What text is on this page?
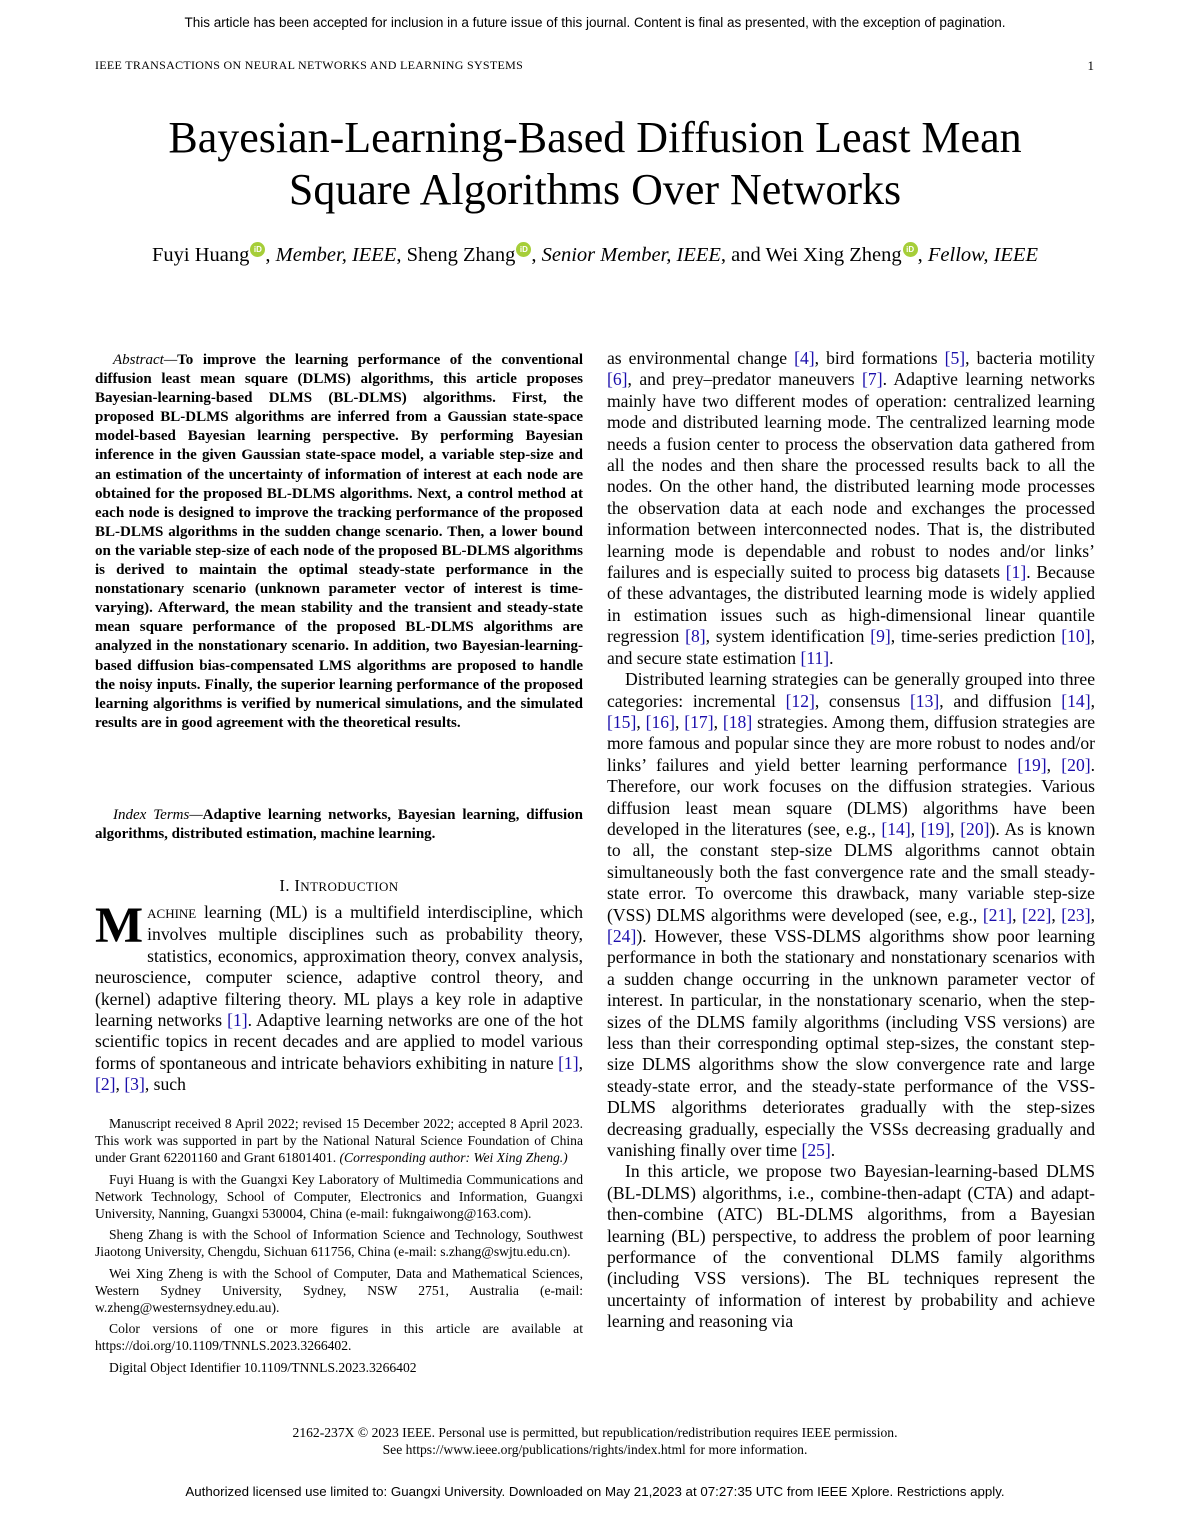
This article has been accepted for inclusion in a future issue of this journal. Content is final as presented, with the exception of pagination.
IEEE TRANSACTIONS ON NEURAL NETWORKS AND LEARNING SYSTEMS	1
Bayesian-Learning-Based Diffusion Least Mean
Square Algorithms Over Networks
Fuyi Huang iD , Member, IEEE, Sheng Zhang iD , Senior Member, IEEE, and Wei Xing Zheng iD , Fellow, IEEE
Abstract—To improve the learning performance of the conventional diffusion least mean square (DLMS) algorithms, this article proposes Bayesian-learning-based DLMS (BL-DLMS) algorithms. First, the proposed BL-DLMS algorithms are inferred from a Gaussian state-space model-based Bayesian learning perspective. By performing Bayesian inference in the given Gaussian state-space model, a variable step-size and an estimation of the uncertainty of information of interest at each node are obtained for the proposed BL-DLMS algorithms. Next, a control method at each node is designed to improve the tracking performance of the proposed BL-DLMS algorithms in the sudden change scenario. Then, a lower bound on the variable step-size of each node of the proposed BL-DLMS algorithms is derived to maintain the optimal steady-state performance in the nonstationary scenario (unknown parameter vector of interest is time-varying). Afterward, the mean stability and the transient and steady-state mean square performance of the proposed BL-DLMS algorithms are analyzed in the nonstationary scenario. In addition, two Bayesian-learning-based diffusion bias-compensated LMS algorithms are proposed to handle the noisy inputs. Finally, the superior learning performance of the proposed learning algorithms is verified by numerical simulations, and the simulated results are in good agreement with the theoretical results.
Index Terms—Adaptive learning networks, Bayesian learning, diffusion algorithms, distributed estimation, machine learning.
I. INTRODUCTION
MACHINE learning (ML) is a multifield interdiscipline, which involves multiple disciplines such as probability theory, statistics, economics, approximation theory, convex analysis, neuroscience, computer science, adaptive control theory, and (kernel) adaptive filtering theory. ML plays a key role in adaptive learning networks [1]. Adaptive learning networks are one of the hot scientific topics in recent decades and are applied to model various forms of spontaneous and intricate behaviors exhibiting in nature [1], [2], [3], such

Manuscript received 8 April 2022; revised 15 December 2022; accepted 8 April 2023. This work was supported in part by the National Natural Science Foundation of China under Grant 62201160 and Grant 61801401. (Corresponding author: Wei Xing Zheng.)

Fuyi Huang is with the Guangxi Key Laboratory of Multimedia Communications and Network Technology, School of Computer, Electronics and Information, Guangxi University, Nanning, Guangxi 530004, China (e-mail: fukngaiwong@163.com).

Sheng Zhang is with the School of Information Science and Technology, Southwest Jiaotong University, Chengdu, Sichuan 611756, China (e-mail: s.zhang@swjtu.edu.cn).

Wei Xing Zheng is with the School of Computer, Data and Mathematical Sciences, Western Sydney University, Sydney, NSW 2751, Australia (e-mail: w.zheng@westernsydney.edu.au).

Color versions of one or more figures in this article are available at https://doi.org/10.1109/TNNLS.2023.3266402.

Digital Object Identifier 10.1109/TNNLS.2023.3266402

as environmental change [4], bird formations [5], bacteria motility [6], and prey–predator maneuvers [7]. Adaptive learning networks mainly have two different modes of operation: centralized learning mode and distributed learning mode. The centralized learning mode needs a fusion center to process the observation data gathered from all the nodes and then share the processed results back to all the nodes. On the other hand, the distributed learning mode processes the observation data at each node and exchanges the processed information between interconnected nodes. That is, the distributed learning mode is dependable and robust to nodes and/or links’ failures and is especially suited to process big datasets [1]. Because of these advantages, the distributed learning mode is widely applied in estimation issues such as high-dimensional linear quantile regression [8], system identification [9], time-series prediction [10], and secure state estimation [11].

Distributed learning strategies can be generally grouped into three categories: incremental [12], consensus [13], and diffusion [14], [15], [16], [17], [18] strategies. Among them, diffusion strategies are more famous and popular since they are more robust to nodes and/or links’ failures and yield better learning performance [19], [20]. Therefore, our work focuses on the diffusion strategies. Various diffusion least mean square (DLMS) algorithms have been developed in the literatures (see, e.g., [14], [19], [20]). As is known to all, the constant step-size DLMS algorithms cannot obtain simultaneously both the fast convergence rate and the small steady-state error. To overcome this drawback, many variable step-size (VSS) DLMS algorithms were developed (see, e.g., [21], [22], [23], [24]). However, these VSS-DLMS algorithms show poor learning performance in both the stationary and nonstationary scenarios with a sudden change occurring in the unknown parameter vector of interest. In particular, in the nonstationary scenario, when the step-sizes of the DLMS family algorithms (including VSS versions) are less than their corresponding optimal step-sizes, the constant step-size DLMS algorithms show the slow convergence rate and large steady-state error, and the steady-state performance of the VSS-DLMS algorithms deteriorates gradually with the step-sizes decreasing gradually, especially the VSSs decreasing gradually and vanishing finally over time [25].

In this article, we propose two Bayesian-learning-based DLMS (BL-DLMS) algorithms, i.e., combine-then-adapt (CTA) and adapt-then-combine (ATC) BL-DLMS algorithms, from a Bayesian learning (BL) perspective, to address the problem of poor learning performance of the conventional DLMS family algorithms (including VSS versions). The BL techniques represent the uncertainty of information of interest by probability and achieve learning and reasoning via

2162-237X © 2023 IEEE. Personal use is permitted, but republication/redistribution requires IEEE permission.
See https://www.ieee.org/publications/rights/index.html for more information.
Authorized licensed use limited to: Guangxi University. Downloaded on May 21,2023 at 07:27:35 UTC from IEEE Xplore. Restrictions apply.
